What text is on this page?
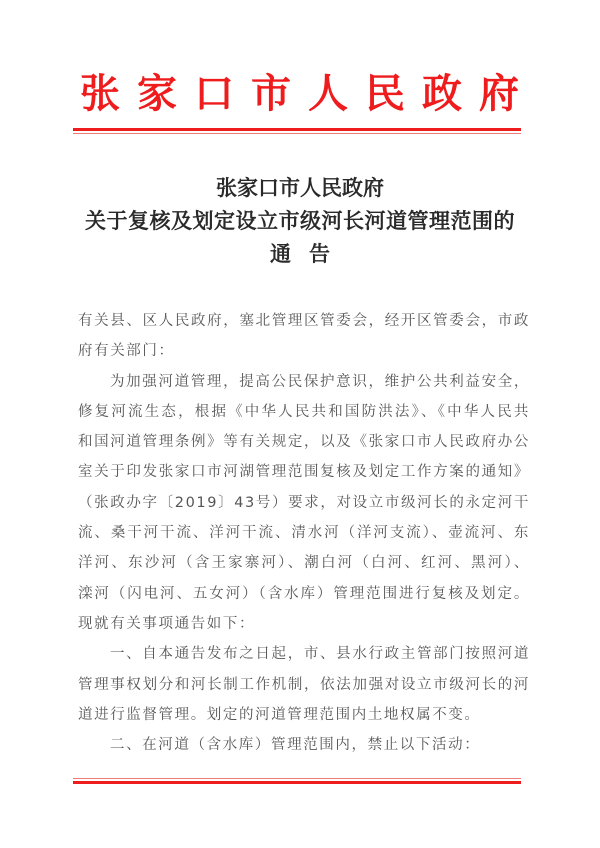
张家口市人民政府
张家口市人民政府
关于复核及划定设立市级河长河道管理范围的
通告

有关县、区人民政府，塞北管理区管委会，经开区管委会，市政府有关部门：

为加强河道管理，提高公民保护意识，维护公共利益安全，修复河流生态，根据《中华人民共和国防洪法》、《中华人民共和国河道管理条例》等有关规定，以及《张家口市人民政府办公室关于印发张家口市河湖管理范围复核及划定工作方案的通知》（张政办字〔2019〕43号）要求，对设立市级河长的永定河干流、桑干河干流、洋河干流、清水河（洋河支流）、壶流河、东洋河、东沙河（含王家寨河）、潮白河（白河、红河、黑河）、滦河（闪电河、五女河）（含水库）管理范围进行复核及划定。现就有关事项通告如下：

一、自本通告发布之日起，市、县水行政主管部门按照河道管理事权划分和河长制工作机制，依法加强对设立市级河长的河道进行监督管理。划定的河道管理范围内土地权属不变。

二、在河道（含水库）管理范围内，禁止以下活动：
